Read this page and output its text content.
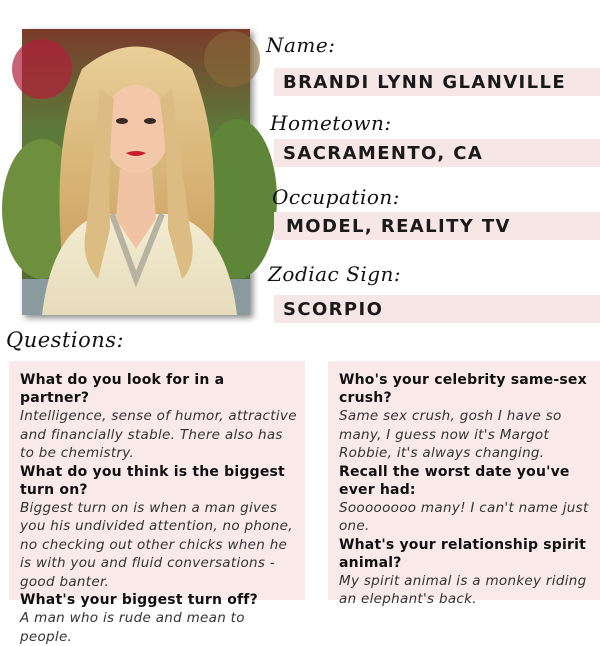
Name:
BRANDI LYNN GLANVILLE
Hometown:
SACRAMENTO, CA
Occupation:
MODEL, REALITY TV
Zodiac Sign:
SCORPIO
Questions:

What do you look for in a partner?

Intelligence, sense of humor, attractive and financially stable. There also has to be chemistry.

What do you think is the biggest turn on?

Biggest turn on is when a man gives you his undivided attention, no phone, no checking out other chicks when he is with you and fluid conversations - good banter.

What's your biggest turn off?

A man who is rude and mean to people.

Who's your celebrity same-sex crush?

Same sex crush, gosh I have so many, I guess now it's Margot Robbie, it's always changing.

Recall the worst date you've ever had:

Soooooooo many! I can't name just one.

What's your relationship spirit animal?

My spirit animal is a monkey riding an elephant's back.
